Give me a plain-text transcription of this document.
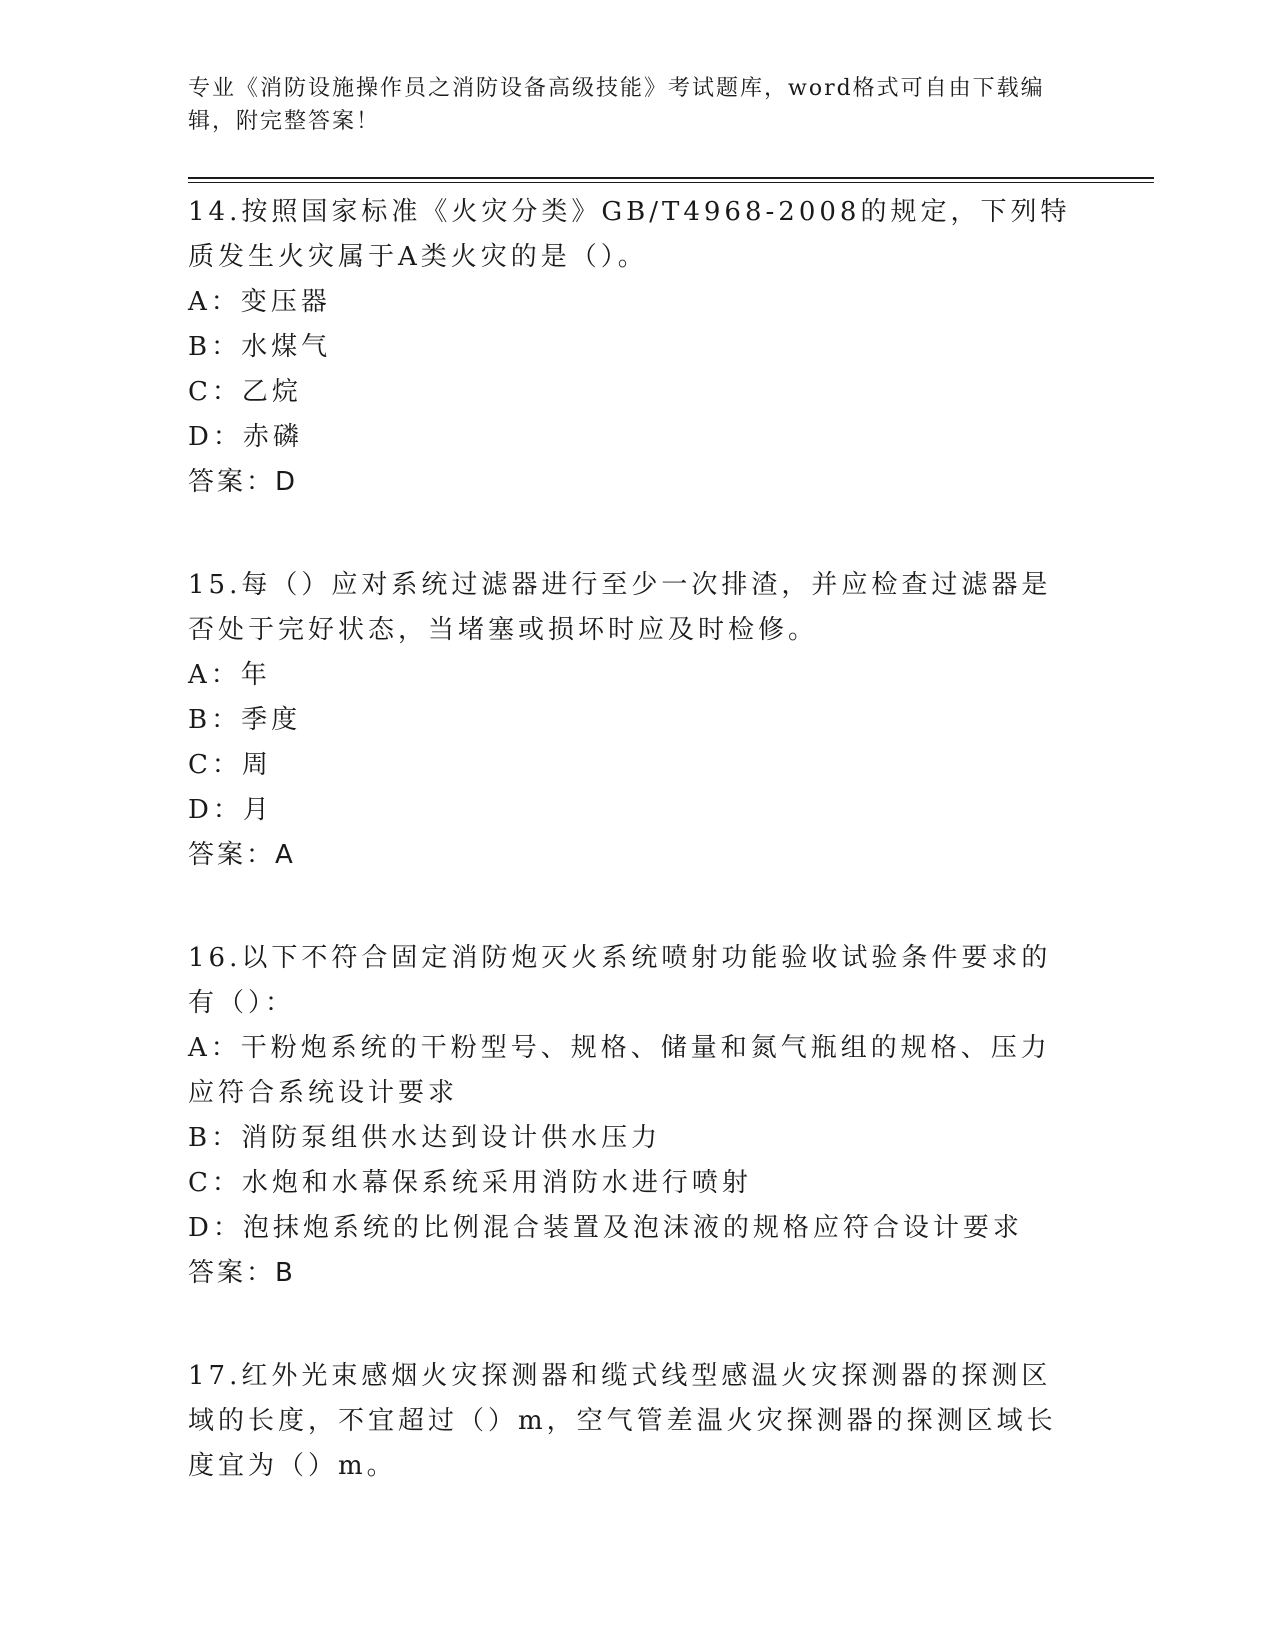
专业《消防设施操作员之消防设备高级技能》考试题库，word格式可自由下载编辑，附完整答案！

14.按照国家标准《火灾分类》GB/T4968-2008的规定，下列特质发生火灾属于A类火灾的是（）。

A：变压器

B：水煤气

C：乙烷

D：赤磷

答案：D

15.每（）应对系统过滤器进行至少一次排渣，并应检查过滤器是否处于完好状态，当堵塞或损坏时应及时检修。

A：年

B：季度

C：周

D：月

答案：A

16.以下不符合固定消防炮灭火系统喷射功能验收试验条件要求的有（）：

A：干粉炮系统的干粉型号、规格、储量和氮气瓶组的规格、压力应符合系统设计要求

B：消防泵组供水达到设计供水压力

C：水炮和水幕保系统采用消防水进行喷射

D：泡抹炮系统的比例混合装置及泡沫液的规格应符合设计要求

答案：B

17.红外光束感烟火灾探测器和缆式线型感温火灾探测器的探测区域的长度，不宜超过（）m，空气管差温火灾探测器的探测区域长度宜为（）m。
